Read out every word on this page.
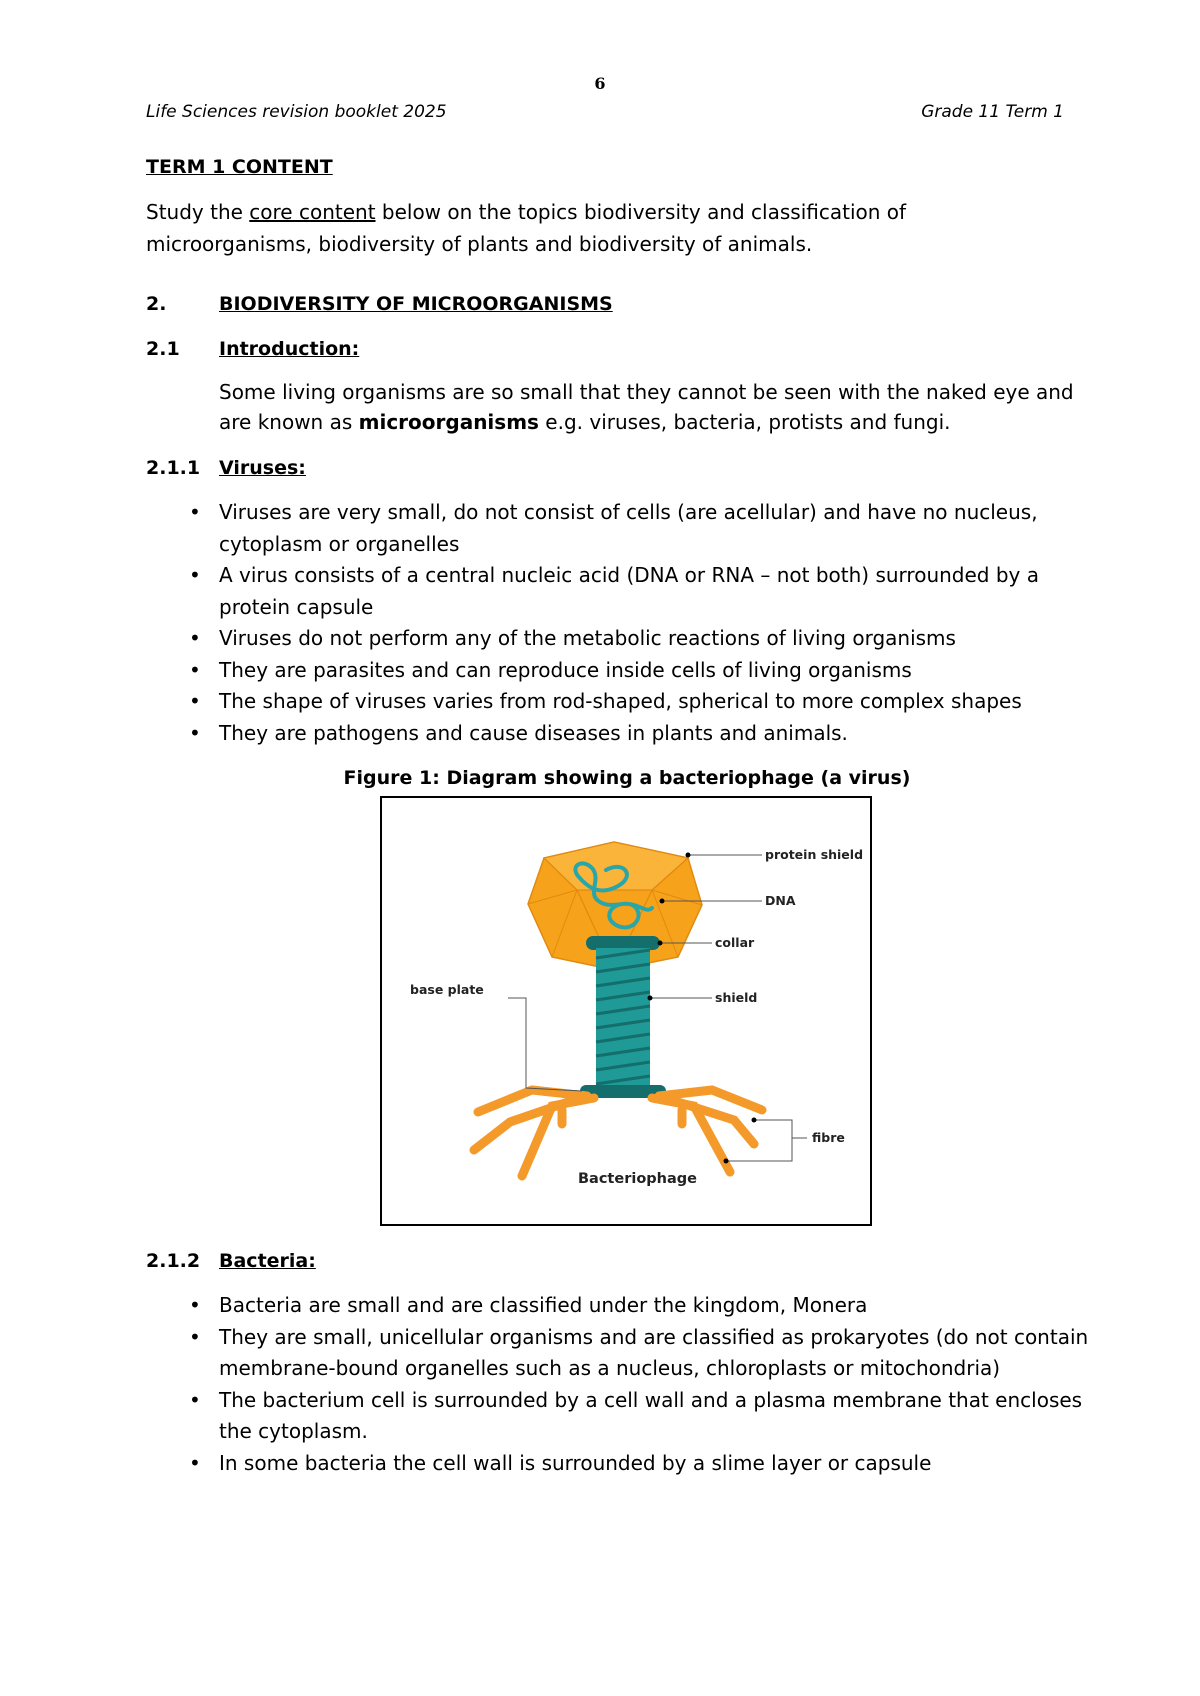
6
Life Sciences revision booklet 2025	Grade 11 Term 1
TERM 1 CONTENT
Study the core content below on the topics biodiversity and classification of microorganisms, biodiversity of plants and biodiversity of animals.
2.	BIODIVERSITY OF MICROORGANISMS
2.1 Introduction:
Some living organisms are so small that they cannot be seen with the naked eye and are known as microorganisms e.g. viruses, bacteria, protists and fungi.
2.1.1 Viruses:
• Viruses are very small, do not consist of cells (are acellular) and have no nucleus, cytoplasm or organelles
• A virus consists of a central nucleic acid (DNA or RNA – not both) surrounded by a protein capsule
• Viruses do not perform any of the metabolic reactions of living organisms
• They are parasites and can reproduce inside cells of living organisms
• The shape of viruses varies from rod-shaped, spherical to more complex shapes
• They are pathogens and cause diseases in plants and animals.
Figure 1: Diagram showing a bacteriophage (a virus)
protein shield
DNA
collar
shield
base plate
fibre
Bacteriophage
2.1.2 Bacteria:
• Bacteria are small and are classified under the kingdom, Monera
• They are small, unicellular organisms and are classified as prokaryotes (do not contain membrane-bound organelles such as a nucleus, chloroplasts or mitochondria)
• The bacterium cell is surrounded by a cell wall and a plasma membrane that encloses the cytoplasm.
• In some bacteria the cell wall is surrounded by a slime layer or capsule
